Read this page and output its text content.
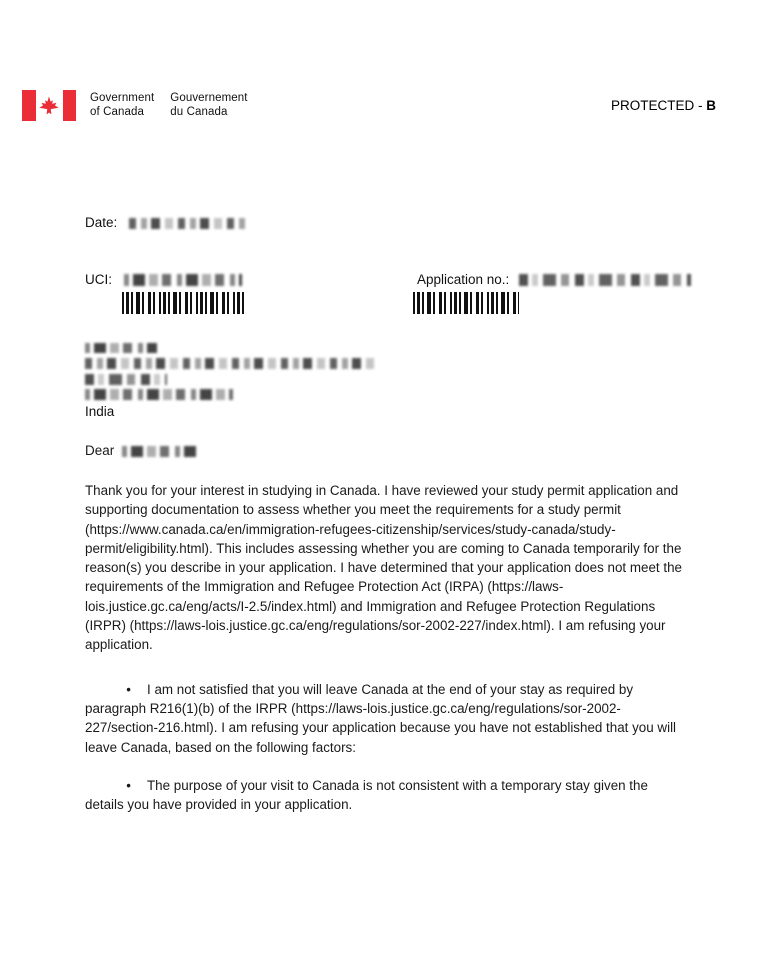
Government
of Canada
Gouvernement
du Canada	PROTECTED - B
Date:
UCI:	Application no.:
India
Dear

Thank you for your interest in studying in Canada. I have reviewed your study permit application and supporting documentation to assess whether you meet the requirements for a study permit (https://www.canada.ca/en/immigration-refugees-citizenship/services/study-canada/study-permit/eligibility.html). This includes assessing whether you are coming to Canada temporarily for the reason(s) you describe in your application. I have determined that your application does not meet the requirements of the Immigration and Refugee Protection Act (IRPA) (https://laws-lois.justice.gc.ca/eng/acts/I-2.5/index.html) and Immigration and Refugee Protection Regulations (IRPR) (https://laws-lois.justice.gc.ca/eng/regulations/sor-2002-227/index.html). I am refusing your application.

• I am not satisfied that you will leave Canada at the end of your stay as required by paragraph R216(1)(b) of the IRPR (https://laws-lois.justice.gc.ca/eng/regulations/sor-2002-227/section-216.html). I am refusing your application because you have not established that you will leave Canada, based on the following factors:

• The purpose of your visit to Canada is not consistent with a temporary stay given the details you have provided in your application.
